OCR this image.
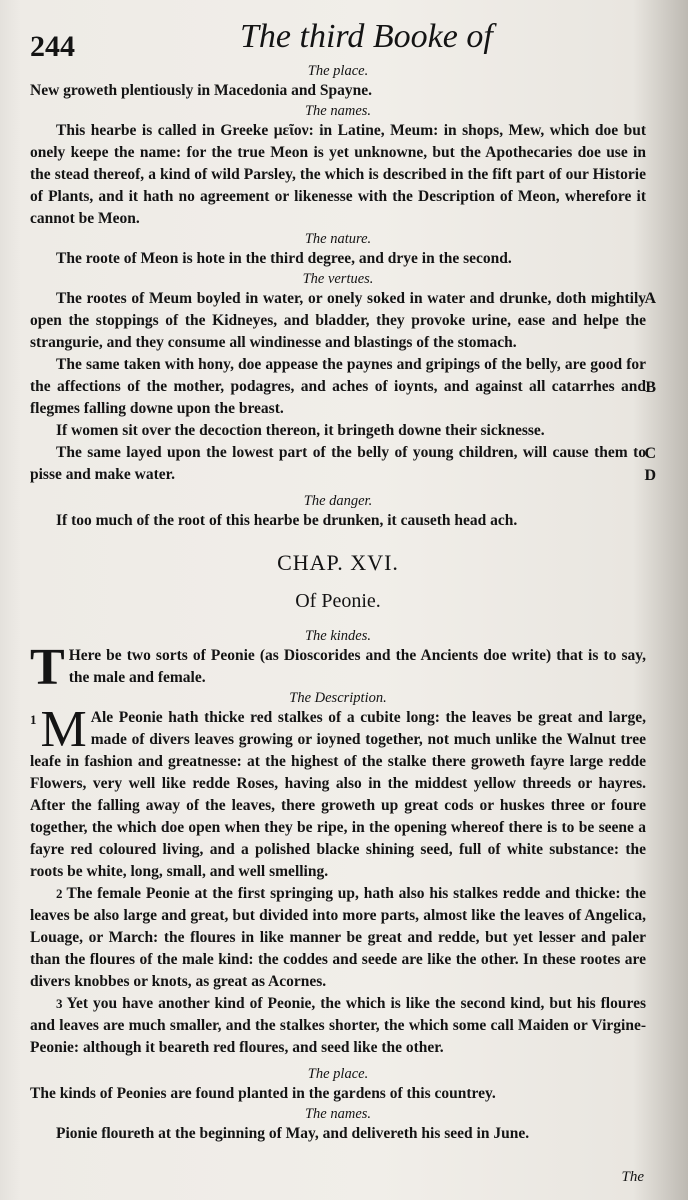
244	The third Booke of
The place.

New groweth plentiously in Macedonia and Spayne.

The names.

This hearbe is called in Greeke μεῖον: in Latine, Meum: in shops, Mew, which doe but onely keepe the name: for the true Meon is yet unknowne, but the Apothecaries doe use in the stead thereof, a kind of wild Parsley, the which is described in the fift part of our Historie of Plants, and it hath no agreement or likenesse with the Description of Meon, wherefore it cannot be Meon.

The nature.

The roote of Meon is hote in the third degree, and drye in the second.

The vertues.
A

The rootes of Meum boyled in water, or onely soked in water and drunke, doth mightily open the stoppings of the Kidneyes, and bladder, they provoke urine, ease and helpe the strangurie, and they consume all windinesse and blastings of the stomach.

B

The same taken with hony, doe appease the paynes and gripings of the belly, are good for the affections of the mother, podagres, and aches of ioynts, and against all catarrhes and flegmes falling downe upon the breast.

C

If women sit over the decoction thereon, it bringeth downe their sicknesse.

D

The same layed upon the lowest part of the belly of young children, will cause them to pisse and make water.

The danger.

If too much of the root of this hearbe be drunken, it causeth head ach.

CHAP. XVI.
Of Peonie.
The kindes.
T Here be two sorts of Peonie (as Dioscorides and the Ancients doe write) that is to say, the male and female.

The Description.
1 M Ale Peonie hath thicke red stalkes of a cubite long: the leaves be great and large, made of divers leaves growing or ioyned together, not much unlike the Walnut tree leafe in fashion and greatnesse: at the highest of the stalke there groweth fayre large redde Flowers, very well like redde Roses, having also in the middest yellow threeds or hayres. After the falling away of the leaves, there groweth up great cods or huskes three or foure together, the which doe open when they be ripe, in the opening whereof there is to be seene a fayre red coloured living, and a polished blacke shining seed, full of white substance: the roots be white, long, small, and well smelling.

2 The female Peonie at the first springing up, hath also his stalkes redde and thicke: the leaves be also large and great, but divided into more parts, almost like the leaves of Angelica, Louage, or March: the floures in like manner be great and redde, but yet lesser and paler than the floures of the male kind: the coddes and seede are like the other. In these rootes are divers knobbes or knots, as great as Acornes.

3 Yet you have another kind of Peonie, the which is like the second kind, but his floures and leaves are much smaller, and the stalkes shorter, the which some call Maiden or Virgine-Peonie: although it beareth red floures, and seed like the other.

The place.

The kinds of Peonies are found planted in the gardens of this countrey.

The names.

Pionie floureth at the beginning of May, and delivereth his seed in June.

The
